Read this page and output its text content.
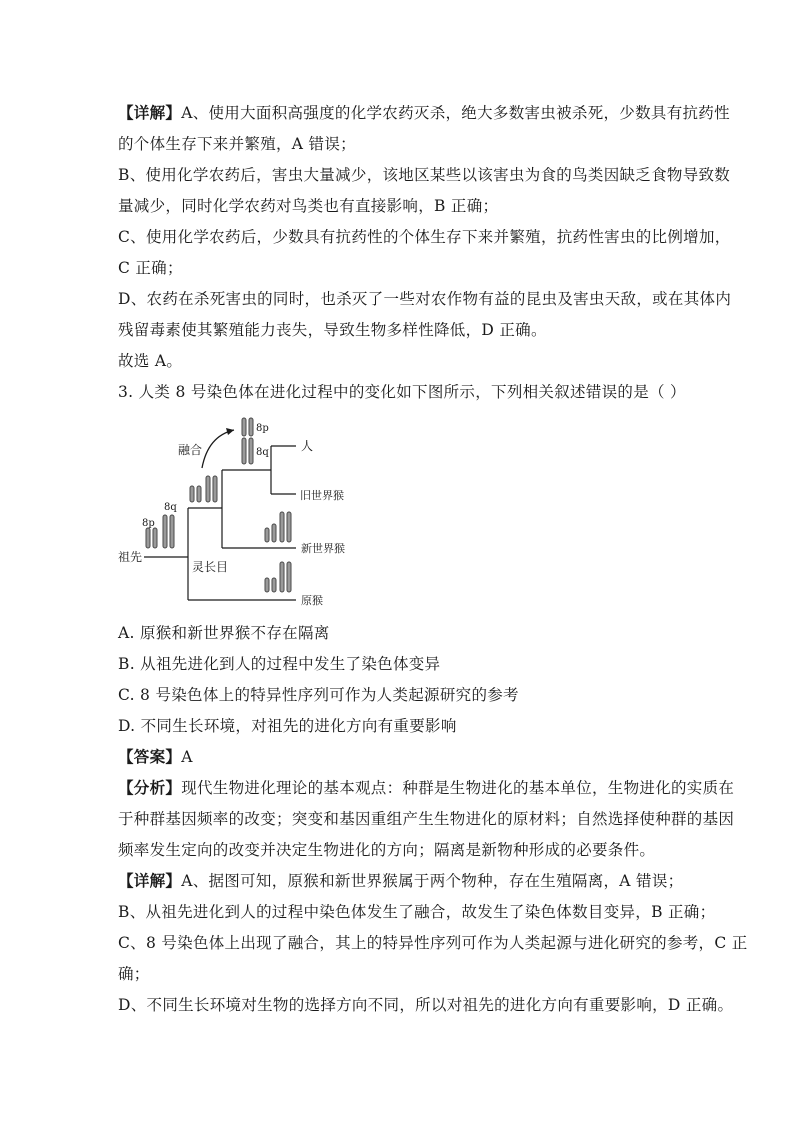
【详解】A、使用大面积高强度的化学农药灭杀，绝大多数害虫被杀死，少数具有抗药性
的个体生存下来并繁殖，A 错误；
B、使用化学农药后，害虫大量减少，该地区某些以该害虫为食的鸟类因缺乏食物导致数
量减少，同时化学农药对鸟类也有直接影响，B 正确；
C、使用化学农药后，少数具有抗药性的个体生存下来并繁殖，抗药性害虫的比例增加，
C 正确；
D、农药在杀死害虫的同时，也杀灭了一些对农作物有益的昆虫及害虫天敌，或在其体内
残留毒素使其繁殖能力丧失，导致生物多样性降低，D 正确。
故选 A。
3. 人类 8 号染色体在进化过程中的变化如下图所示，下列相关叙述错误的是（ ）
8p
8q
融合
8p
8q
祖先
灵长目
人
旧世界猴
新世界猴
原猴
A. 原猴和新世界猴不存在隔离
B. 从祖先进化到人的过程中发生了染色体变异
C. 8 号染色体上的特异性序列可作为人类起源研究的参考
D. 不同生长环境，对祖先的进化方向有重要影响
【答案】A
【分析】现代生物进化理论的基本观点：种群是生物进化的基本单位，生物进化的实质在
于种群基因频率的改变；突变和基因重组产生生物进化的原材料；自然选择使种群的基因
频率发生定向的改变并决定生物进化的方向；隔离是新物种形成的必要条件。
【详解】A、据图可知，原猴和新世界猴属于两个物种，存在生殖隔离，A 错误；
B、从祖先进化到人的过程中染色体发生了融合，故发生了染色体数目变异，B 正确；
C、8 号染色体上出现了融合，其上的特异性序列可作为人类起源与进化研究的参考，C 正
确；
D、不同生长环境对生物的选择方向不同，所以对祖先的进化方向有重要影响，D 正确。
